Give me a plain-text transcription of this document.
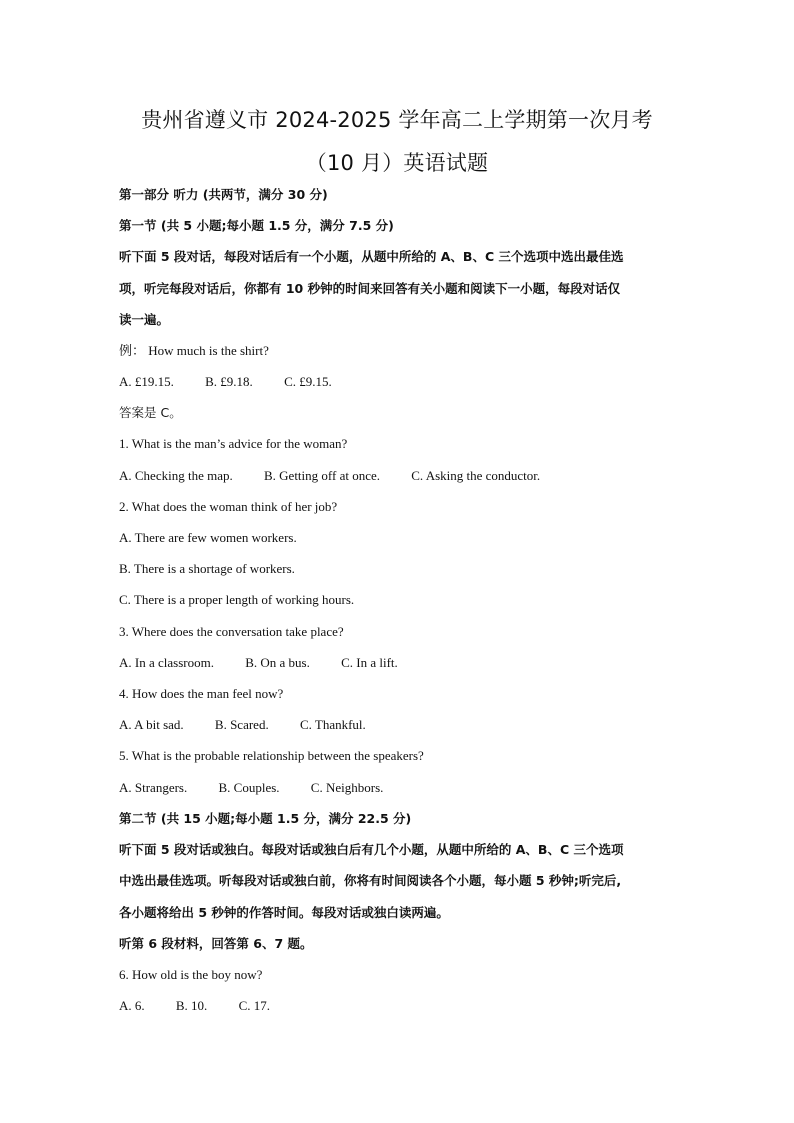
贵州省遵义市 2024-2025 学年高二上学期第一次月考
（10 月）英语试题
第一部分 听力 (共两节，满分 30 分)
第一节 (共 5 小题;每小题 1.5 分，满分 7.5 分)
听下面 5 段对话，每段对话后有一个小题，从题中所给的 A、B、C 三个选项中选出最佳选
项，听完每段对话后，你都有 10 秒钟的时间来回答有关小题和阅读下一小题，每段对话仅
读一遍。
例： How much is the shirt?
A. £19.15. B. £9.18. C. £9.15.
答案是 C。
1. What is the man’s advice for the woman?
A. Checking the map. B. Getting off at once. C. Asking the conductor.
2. What does the woman think of her job?
A. There are few women workers.
B. There is a shortage of workers.
C. There is a proper length of working hours.
3. Where does the conversation take place?
A. In a classroom. B. On a bus. C. In a lift.
4. How does the man feel now?
A. A bit sad. B. Scared. C. Thankful.
5. What is the probable relationship between the speakers?
A. Strangers. B. Couples. C. Neighbors.
第二节 (共 15 小题;每小题 1.5 分，满分 22.5 分)
听下面 5 段对话或独白。每段对话或独白后有几个小题，从题中所给的 A、B、C 三个选项
中选出最佳选项。听每段对话或独白前，你将有时间阅读各个小题，每小题 5 秒钟;听完后,
各小题将给出 5 秒钟的作答时间。每段对话或独白读两遍。
听第 6 段材料，回答第 6、7 题。
6. How old is the boy now?
A. 6. B. 10. C. 17.
